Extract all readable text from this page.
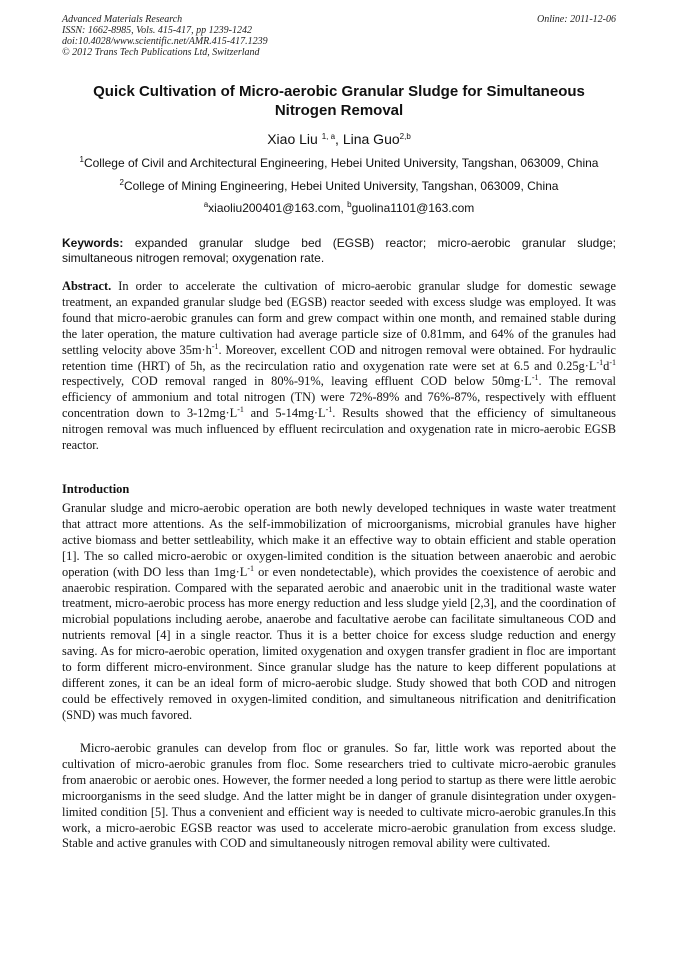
Advanced Materials Research
ISSN: 1662-8985, Vols. 415-417, pp 1239-1242
doi:10.4028/www.scientific.net/AMR.415-417.1239
© 2012 Trans Tech Publications Ltd, Switzerland
Online: 2011-12-06
Quick Cultivation of Micro-aerobic Granular Sludge for Simultaneous Nitrogen Removal
Xiao Liu $^{1, a}$, Lina Guo$^{2,b}$
$^1$College of Civil and Architectural Engineering, Hebei United University, Tangshan, 063009, China
$^2$College of Mining Engineering, Hebei United University, Tangshan, 063009, China
$^a$xiaoliu200401@163.com, $^b$guolina1101@163.com
Keywords: expanded granular sludge bed (EGSB) reactor; micro-aerobic granular sludge; simultaneous nitrogen removal; oxygenation rate.
Abstract. In order to accelerate the cultivation of micro-aerobic granular sludge for domestic sewage treatment, an expanded granular sludge bed (EGSB) reactor seeded with excess sludge was employed. It was found that micro-aerobic granules can form and grew compact within one month, and remained stable during the later operation, the mature cultivation had average particle size of 0.81mm, and 64% of the granules had settling velocity above $35m\cdot h^{-1}$. Moreover, excellent COD and nitrogen removal were obtained. For hydraulic retention time (HRT) of 5h, as the recirculation ratio and oxygenation rate were set at 6.5 and $0.25g\cdot L^{-1}d^{-1}$ respectively, COD removal ranged in 80%-91%, leaving effluent COD below $50mg\cdot L^{-1}$. The removal efficiency of ammonium and total nitrogen (TN) were 72%-89% and 76%-87%, respectively with effluent concentration down to $3-12mg\cdot L^{-1}$ and $5-14mg\cdot L^{-1}$. Results showed that the efficiency of simultaneous nitrogen removal was much influenced by effluent recirculation and oxygenation rate in micro-aerobic EGSB reactor.
Introduction

Granular sludge and micro-aerobic operation are both newly developed techniques in waste water treatment that attract more attentions. As the self-immobilization of microorganisms, microbial granules have higher active biomass and better settleability, which make it an effective way to obtain efficient and stable operation [1]. The so called micro-aerobic or oxygen-limited condition is the situation between anaerobic and aerobic operation (with DO less than $1mg\cdot L^{-1}$ or even nondetectable), which provides the coexistence of aerobic and anaerobic respiration. Compared with the separated aerobic and anaerobic unit in the traditional waste water treatment, micro-aerobic process has more energy reduction and less sludge yield [2,3], and the coordination of microbial populations including aerobe, anaerobe and facultative aerobe can facilitate simultaneous COD and nutrients removal [4] in a single reactor. Thus it is a better choice for excess sludge reduction and energy saving. As for micro-aerobic operation, limited oxygenation and oxygen transfer gradient in floc are important to form different micro-environment. Since granular sludge has the nature to keep different populations at different zones, it can be an ideal form of micro-aerobic sludge. Study showed that both COD and nitrogen could be effectively removed in oxygen-limited condition, and simultaneous nitrification and denitrification (SND) was much favored.

Micro-aerobic granules can develop from floc or granules. So far, little work was reported about the cultivation of micro-aerobic granules from floc. Some researchers tried to cultivate micro-aerobic granules from anaerobic or aerobic ones. However, the former needed a long period to startup as there were little aerobic microorganisms in the seed sludge. And the latter might be in danger of granule disintegration under oxygen-limited condition [5]. Thus a convenient and efficient way is needed to cultivate micro-aerobic granules.In this work, a micro-aerobic EGSB reactor was used to accelerate micro-aerobic granulation from excess sludge. Stable and active granules with COD and simultaneously nitrogen removal ability were cultivated.
